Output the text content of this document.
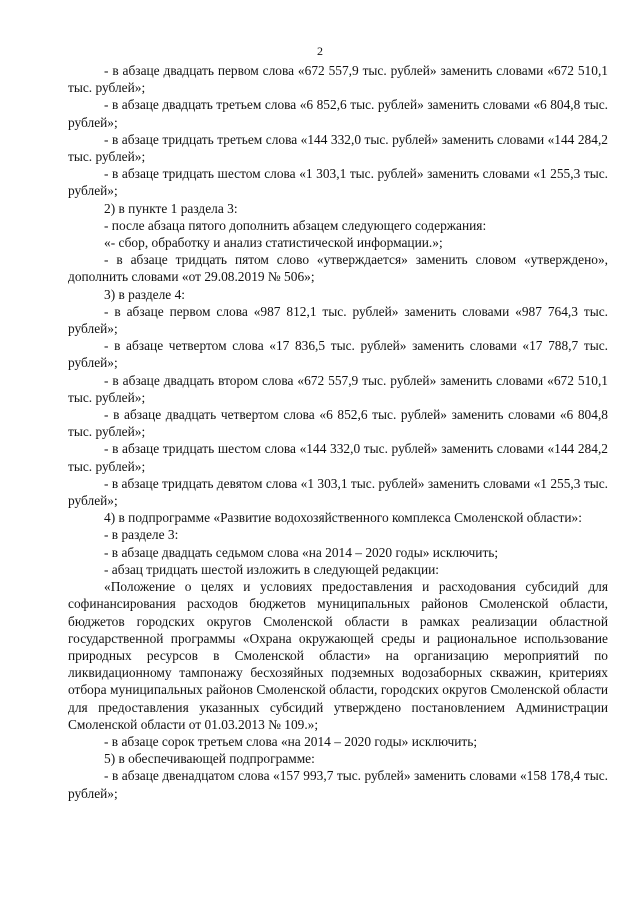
2

- в абзаце двадцать первом слова «672 557,9 тыс. рублей» заменить словами «672 510,1 тыс. рублей»;

- в абзаце двадцать третьем слова «6 852,6 тыс. рублей» заменить словами «6 804,8 тыс. рублей»;

- в абзаце тридцать третьем слова «144 332,0 тыс. рублей» заменить словами «144 284,2 тыс. рублей»;

- в абзаце тридцать шестом слова «1 303,1 тыс. рублей» заменить словами «1 255,3 тыс. рублей»;

2) в пункте 1 раздела 3:

- после абзаца пятого дополнить абзацем следующего содержания:

«- сбор, обработку и анализ статистической информации.»;

- в абзаце тридцать пятом слово «утверждается» заменить словом «утверждено», дополнить словами «от 29.08.2019 № 506»;

3) в разделе 4:

- в абзаце первом слова «987 812,1 тыс. рублей» заменить словами «987 764,3 тыс. рублей»;

- в абзаце четвертом слова «17 836,5 тыс. рублей» заменить словами «17 788,7 тыс. рублей»;

- в абзаце двадцать втором слова «672 557,9 тыс. рублей» заменить словами «672 510,1 тыс. рублей»;

- в абзаце двадцать четвертом слова «6 852,6 тыс. рублей» заменить словами «6 804,8 тыс. рублей»;

- в абзаце тридцать шестом слова «144 332,0 тыс. рублей» заменить словами «144 284,2 тыс. рублей»;

- в абзаце тридцать девятом слова «1 303,1 тыс. рублей» заменить словами «1 255,3 тыс. рублей»;

4) в подпрограмме «Развитие водохозяйственного комплекса Смоленской области»:

- в разделе 3:

- в абзаце двадцать седьмом слова «на 2014 – 2020 годы» исключить;

- абзац тридцать шестой изложить в следующей редакции:

«Положение о целях и условиях предоставления и расходования субсидий для софинансирования расходов бюджетов муниципальных районов Смоленской области, бюджетов городских округов Смоленской области в рамках реализации областной государственной программы «Охрана окружающей среды и рациональное использование природных ресурсов в Смоленской области» на организацию мероприятий по ликвидационному тампонажу бесхозяйных подземных водозаборных скважин, критериях отбора муниципальных районов Смоленской области, городских округов Смоленской области для предоставления указанных субсидий утверждено постановлением Администрации Смоленской области от 01.03.2013 № 109.»;

- в абзаце сорок третьем слова «на 2014 – 2020 годы» исключить;

5) в обеспечивающей подпрограмме:

- в абзаце двенадцатом слова «157 993,7 тыс. рублей» заменить словами «158 178,4 тыс. рублей»;
